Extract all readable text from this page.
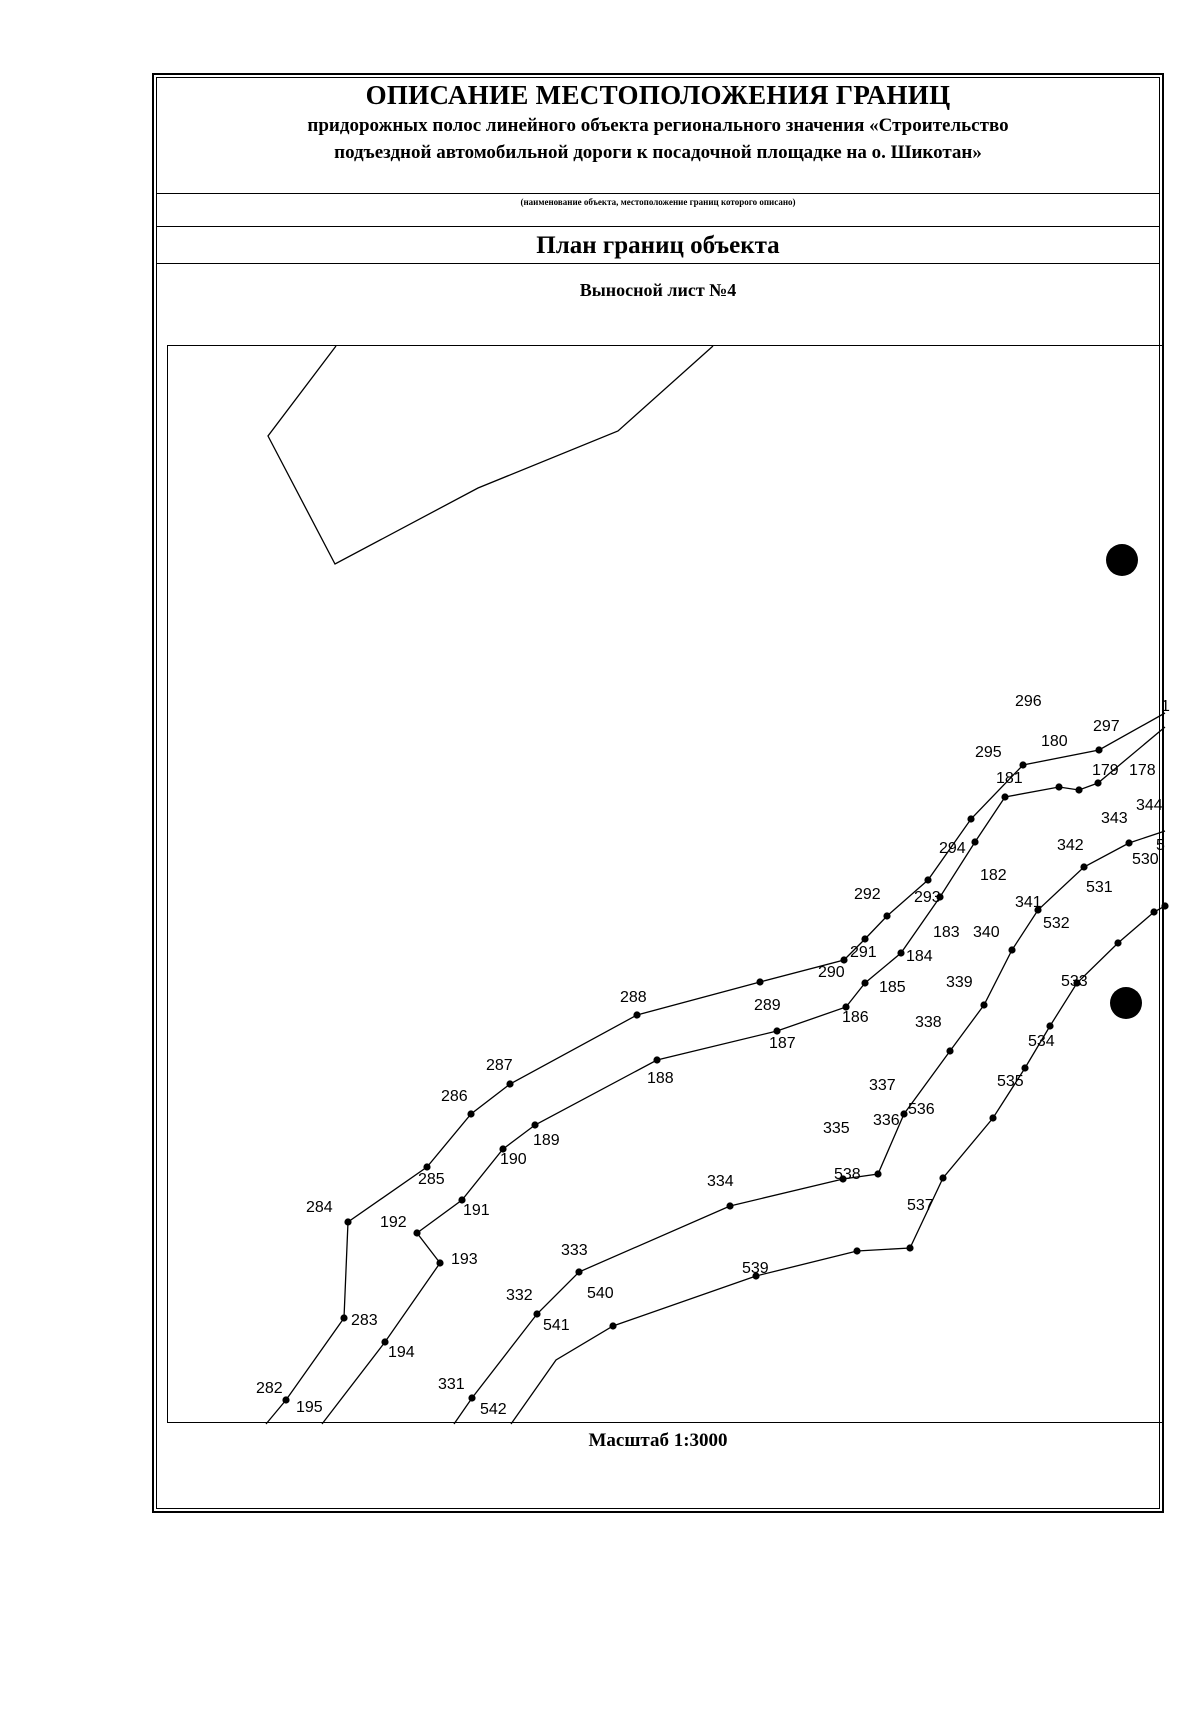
ОПИСАНИЕ МЕСТОПОЛОЖЕНИЯ ГРАНИЦ
придорожных полос линейного объекта регионального значения «Строительство
подъездной автомобильной дороги к посадочной площадке на о. Шикотан»
(наименование объекта, местоположение границ которого описано)
План границ объекта
Выносной лист №4
296
297
1
295
180
181	179 178
344
343
342
294	5
530
182
531
341
292 293
532
183 340
291 184
290
533
339
185
288	289
186	338
187	534
287
188	535
337
286
536
336
335
189
190
538
285	334
537
284	191
192
193
333
539
540
332
283	541
194
331
282
195	542
Масштаб 1:3000
